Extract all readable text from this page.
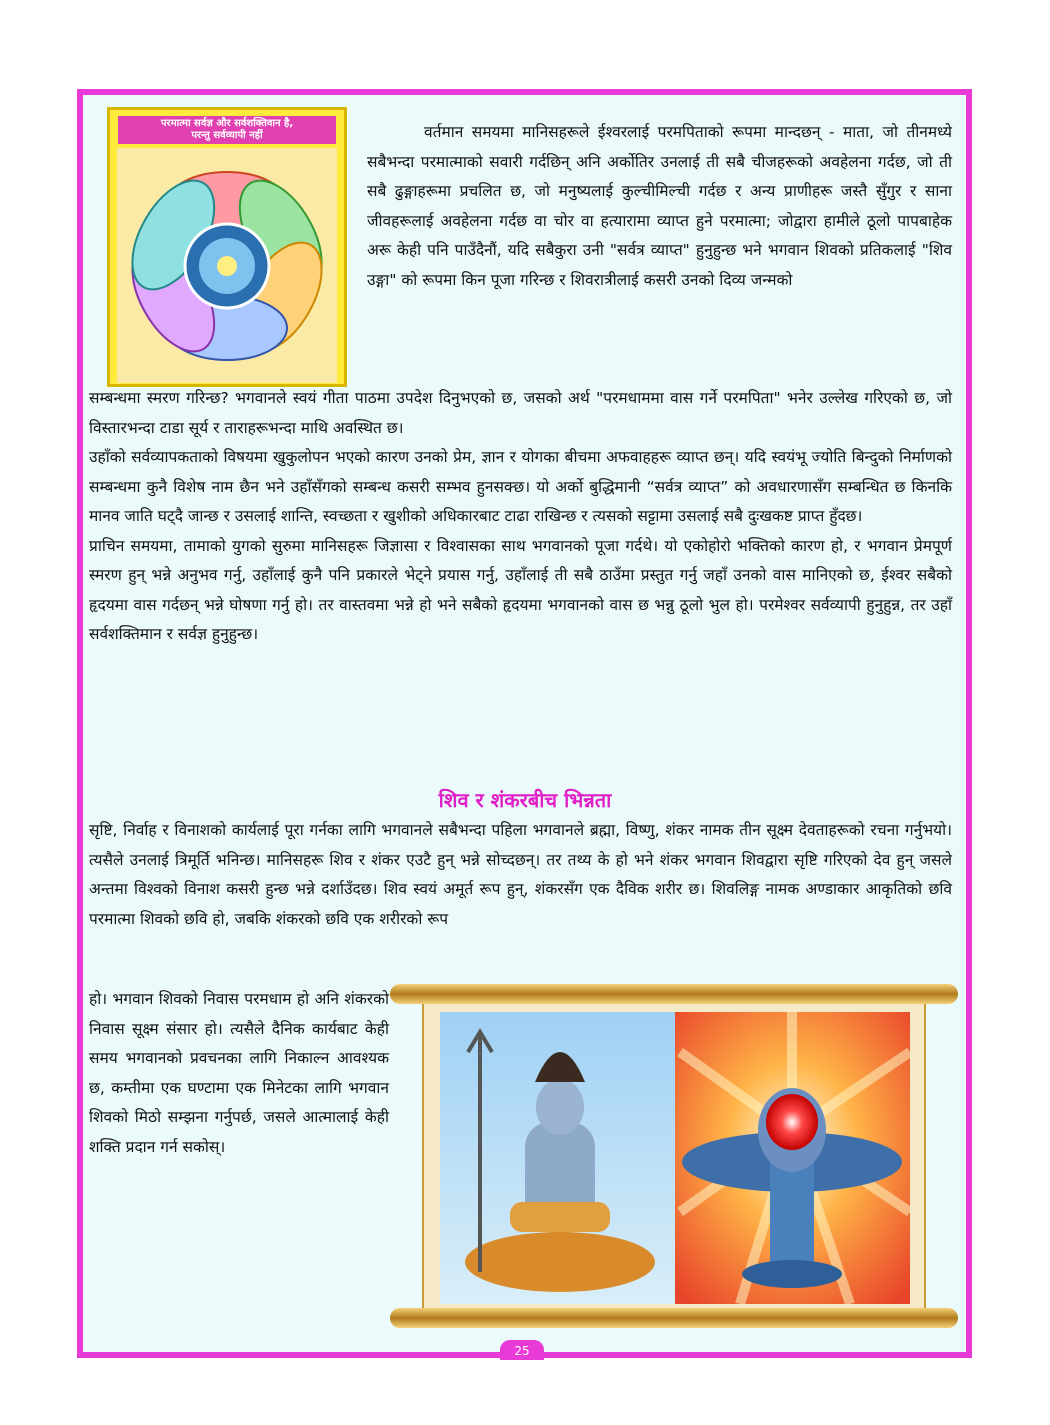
परमात्मा सर्वज्ञ और सर्वशक्तिवान है,
परन्तु सर्वव्यापी नहीं	वर्तमान समयमा मानिसहरूले ईश्वरलाई परमपिताको रूपमा मान्दछन् - माता, जो तीनमध्ये सबैभन्दा परमात्माको सवारी गर्दछिन् अनि अर्कोतिर उनलाई ती सबै चीजहरूको अवहेलना गर्दछ, जो ती सबै ढुङ्गाहरूमा प्रचलित छ, जो मनुष्यलाई कुल्चीमिल्ची गर्दछ र अन्य प्राणीहरू जस्तै सुँगुर र साना जीवहरूलाई अवहेलना गर्दछ वा चोर वा हत्यारामा व्याप्त हुने परमात्मा; जोद्वारा हामीले ठूलो पापबाहेक अरू केही पनि पाउँदैनौं, यदि सबैकुरा उनी "सर्वत्र व्याप्त" हुनुहुन्छ भने भगवान शिवको प्रतिकलाई "शिव उङ्गा" को रूपमा किन पूजा गरिन्छ र शिवरात्रीलाई कसरी उनको दिव्य जन्मको

सम्बन्धमा स्मरण गरिन्छ? भगवानले स्वयं गीता पाठमा उपदेश दिनुभएको छ, जसको अर्थ "परमधाममा वास गर्ने परमपिता" भनेर उल्लेख गरिएको छ, जो विस्तारभन्दा टाडा सूर्य र ताराहरूभन्दा माथि अवस्थित छ।

उहाँको सर्वव्यापकताको विषयमा खुकुलोपन भएको कारण उनको प्रेम, ज्ञान र योगका बीचमा अफवाहहरू व्याप्त छन्। यदि स्वयंभू ज्योति बिन्दुको निर्माणको सम्बन्धमा कुनै विशेष नाम छैन भने उहाँसँगको सम्बन्ध कसरी सम्भव हुनसक्छ। यो अर्को बुद्धिमानी “सर्वत्र व्याप्त” को अवधारणासँग सम्बन्धित छ किनकि मानव जाति घट्दै जान्छ र उसलाई शान्ति, स्वच्छता र खुशीको अधिकारबाट टाढा राखिन्छ र त्यसको सट्टामा उसलाई सबै दुःखकष्ट प्राप्त हुँदछ।

प्राचिन समयमा, तामाको युगको सुरुमा मानिसहरू जिज्ञासा र विश्वासका साथ भगवानको पूजा गर्दथे। यो एकोहोरो भक्तिको कारण हो, र भगवान प्रेमपूर्ण स्मरण हुन् भन्ने अनुभव गर्नु, उहाँलाई कुनै पनि प्रकारले भेट्ने प्रयास गर्नु, उहाँलाई ती सबै ठाउँमा प्रस्तुत गर्नु जहाँ उनको वास मानिएको छ, ईश्वर सबैको हृदयमा वास गर्दछन् भन्ने घोषणा गर्नु हो। तर वास्तवमा भन्ने हो भने सबैको हृदयमा भगवानको वास छ भन्नु ठूलो भुल हो। परमेश्वर सर्वव्यापी हुनुहुन्न, तर उहाँ सर्वशक्तिमान र सर्वज्ञ हुनुहुन्छ।

शिव र शंकरबीच भिन्नता

सृष्टि, निर्वाह र विनाशको कार्यलाई पूरा गर्नका लागि भगवानले सबैभन्दा पहिला भगवानले ब्रह्मा, विष्णु, शंकर नामक तीन सूक्ष्म देवताहरूको रचना गर्नुभयो। त्यसैले उनलाई त्रिमूर्ति भनिन्छ। मानिसहरू शिव र शंकर एउटै हुन् भन्ने सोच्दछन्। तर तथ्य के हो भने शंकर भगवान शिवद्वारा सृष्टि गरिएको देव हुन् जसले अन्तमा विश्वको विनाश कसरी हुन्छ भन्ने दर्शाउँदछ। शिव स्वयं अमूर्त रूप हुन्, शंकरसँग एक दैविक शरीर छ। शिवलिङ्ग नामक अण्डाकार आकृतिको छवि परमात्मा शिवको छवि हो, जबकि शंकरको छवि एक शरीरको रूप

हो। भगवान शिवको निवास परमधाम हो अनि शंकरको निवास सूक्ष्म संसार हो। त्यसैले दैनिक कार्यबाट केही समय भगवानको प्रवचनका लागि निकाल्न आवश्यक छ, कम्तीमा एक घण्टामा एक मिनेटका लागि भगवान शिवको मिठो सम्झना गर्नुपर्छ, जसले आत्मालाई केही शक्ति प्रदान गर्न सकोस्।

25
